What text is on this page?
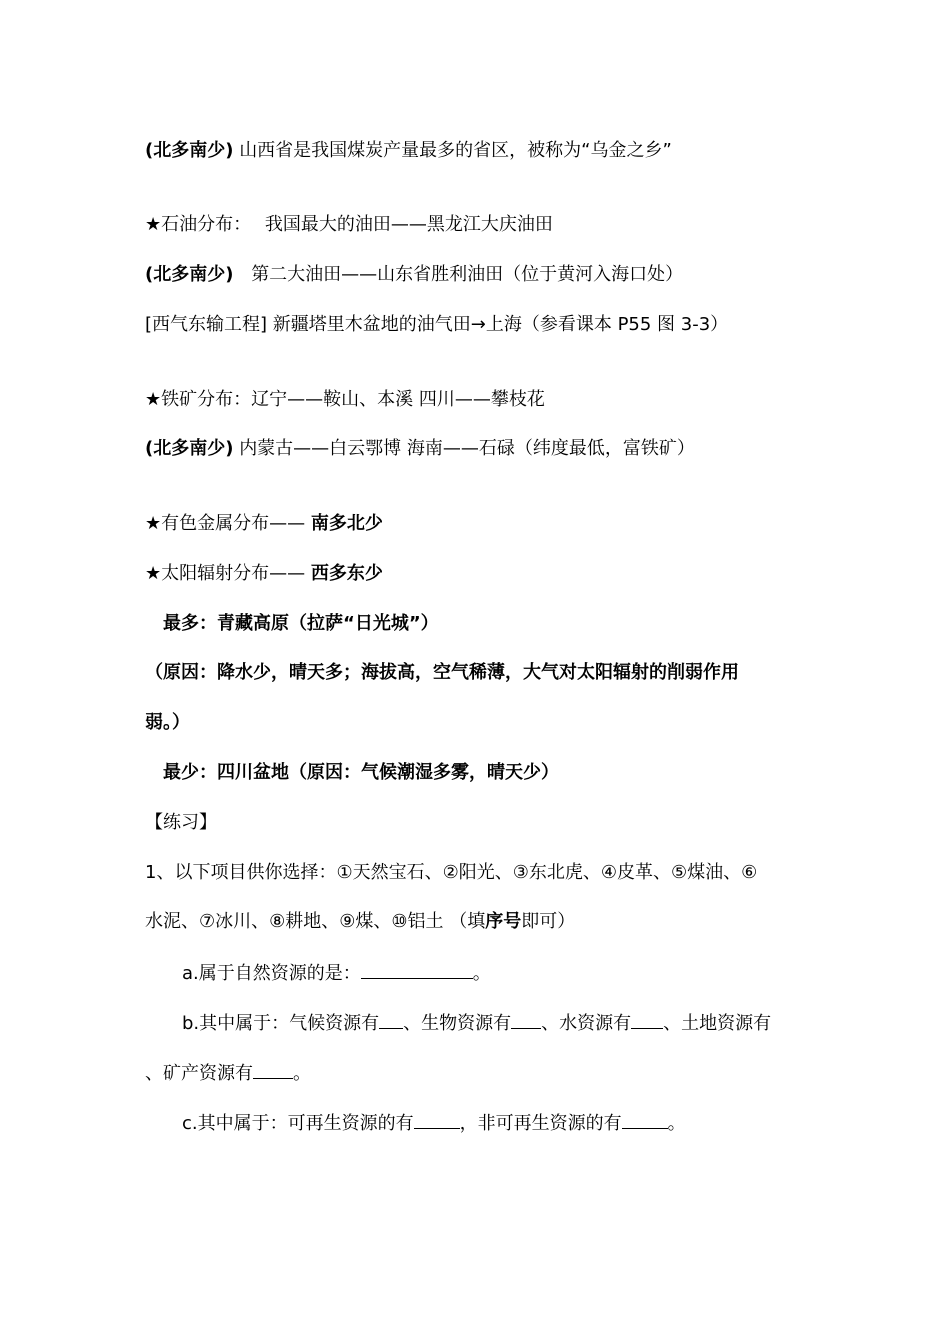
(北多南少) 山西省是我国煤炭产量最多的省区，被称为“乌金之乡”
★石油分布： 我国最大的油田——黑龙江大庆油田
(北多南少) 第二大油田——山东省胜利油田（位于黄河入海口处）
[西气东输工程] 新疆塔里木盆地的油气田→上海（参看课本 P55 图 3-3）
★铁矿分布：辽宁——鞍山、本溪 四川——攀枝花
(北多南少) 内蒙古——白云鄂博 海南——石碌（纬度最低，富铁矿）
★有色金属分布—— 南多北少
★太阳辐射分布—— 西多东少
最多：青藏高原（拉萨“日光城”）
（原因：降水少，晴天多；海拔高，空气稀薄，大气对太阳辐射的削弱作用
弱。）
最少：四川盆地（原因：气候潮湿多雾，晴天少）
【练习】
1、以下项目供你选择：①天然宝石、②阳光、③东北虎、④皮革、⑤煤油、⑥
水泥、⑦冰川、⑧耕地、⑨煤、⑩铝土 （填序号即可）
a.属于自然资源的是：	。
b.其中属于：气候资源有 、生物资源有 、水资源有 、土地资源有
、矿产资源有 。
c.其中属于：可再生资源的有	，非可再生资源的有	。
